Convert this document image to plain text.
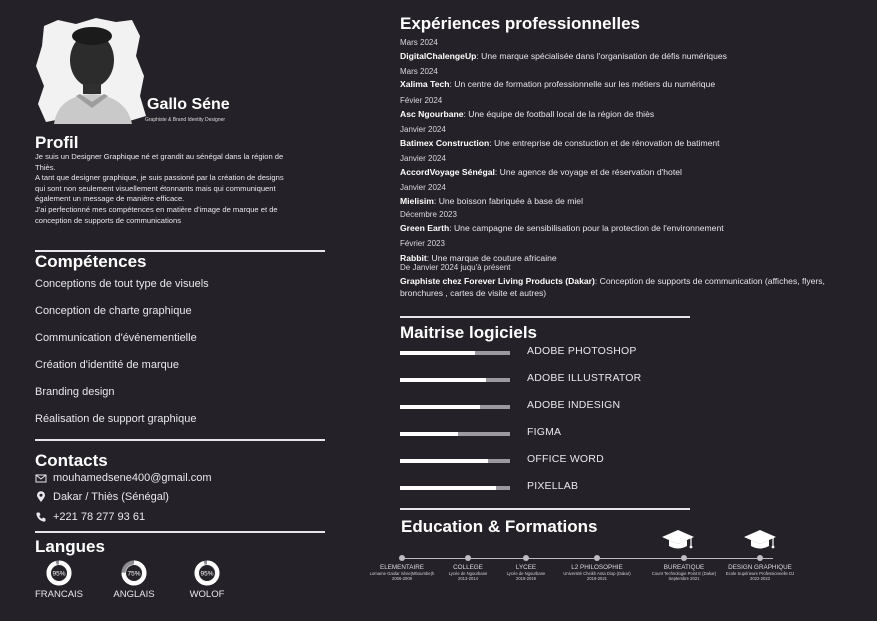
Gallo Séne
Graphiste & Brand Identity Designer
Profil

Je suis un Designer Graphique né et grandit au sénégal dans la région de Thiès.

A tant que designer graphique, je suis passioné par la création de designs qui sont non seulement visuellement étonnants mais qui communiquent également un message de manière efficace.

J'ai perfectionné mes compétences en matière d'image de marque et de conception de supports de communications

Compétences
Conceptions de tout type de visuels
Conception de charte graphique
Communication d'événementielle
Création d'identité de marque
Branding design
Réalisation de support graphique
Contacts
mouhamedsene400@gmail.com
Dakar / Thiès (Sénégal)
+221 78 277 93 61
Langues
95%
FRANCAIS
75%
ANGLAIS
95%
WOLOF
Expériences professionnelles
Mars 2024
DigitalChalengeUp: Une marque spécialisée dans l'organisation de défis numériques
Mars 2024
Xalima Tech: Un centre de formation professionnelle sur les métiers du numérique
Févier 2024
Asc Ngourbane: Une équipe de football local de la région de thiès
Janvier 2024
Batimex Construction: Une entreprise de constuction et de rénovation de batiment
Janvier 2024
AccordVoyage Sénégal: Une agence de voyage et de réservation d'hotel
Janvier 2024
Mielisim: Une boisson fabriquée à base de miel
Décembre 2023
Green Earth: Une campagne de sensibilisation pour la protection de l'environnement
Février 2023
Rabbit: Une marque de couture africaine
De Janvier 2024 juqu'à présent
Graphiste chez Forever Living Products (Dakar): Conception de supports de communication (affiches, flyers, bronchures , cartes de visite et autres)
Maitrise logiciels
ADOBE PHOTOSHOP
ADOBE ILLUSTRATOR
ADOBE INDESIGN
FIGMA
OFFICE WORD
PIXELLAB
Education & Formations
ELEMENTAIRE
Lomame Gaidar Sène(Mboumbe)h
2006-2009
COLLEGE
Lycée de Ngourbane
2013-2014
LYCEE
Lycée de Ngourbane
2018-2019
L2 PHILOSOPHIE
Université Cheikh Anta Diop (Dakar)
2019-2021
BUREATIQUE
Count Technologie Point E (Dakar)
Septembre 2021
DESIGN GRAPHIQUE
Ecole Supérieure Professionnelle DJ
2022-2023
